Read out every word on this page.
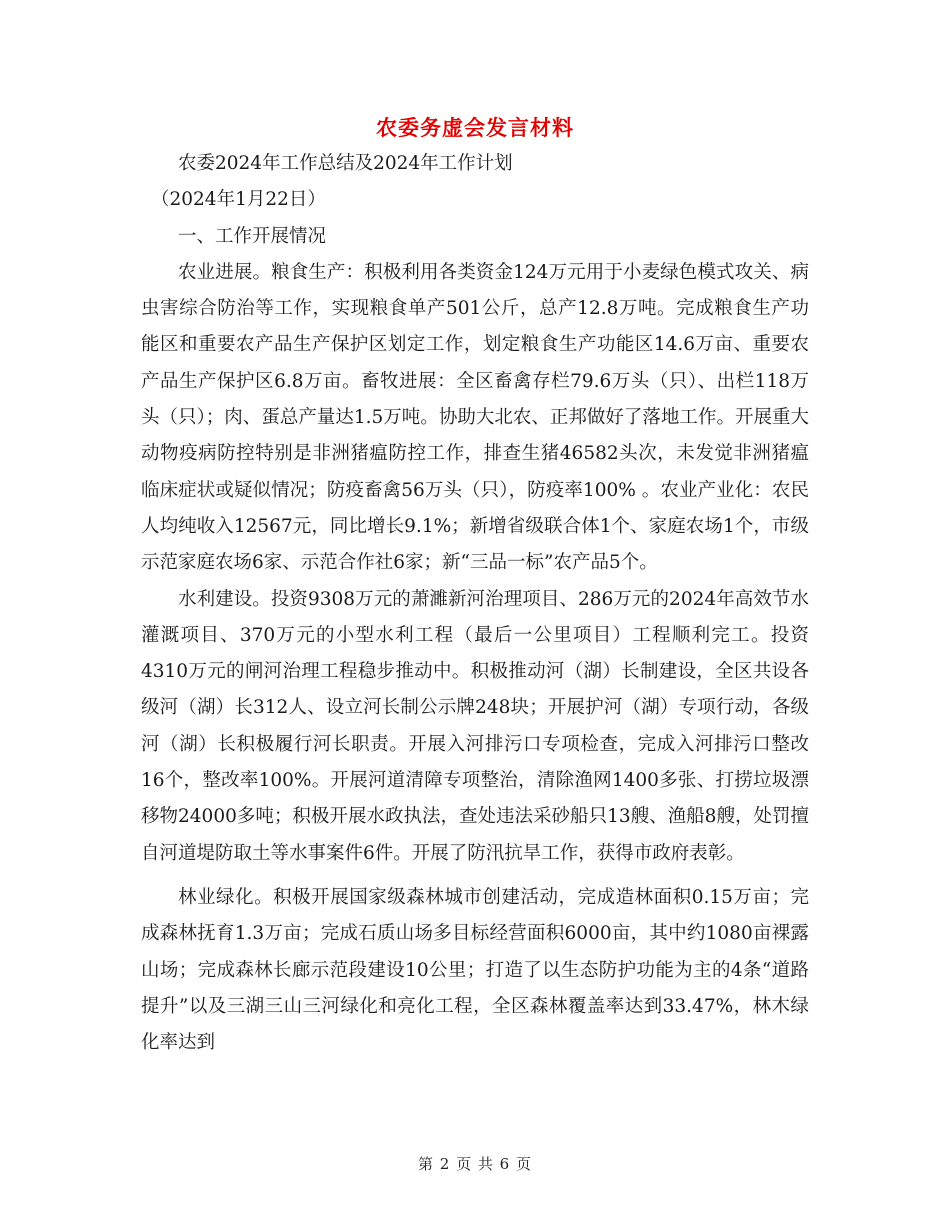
农委务虚会发言材料

农委2024年工作总结及2024年工作计划

（2024年1月22日）

一、工作开展情况

农业进展。粮食生产：积极利用各类资金124万元用于小麦绿色模式攻关、病虫害综合防治等工作，实现粮食单产501公斤，总产12.8万吨。完成粮食生产功能区和重要农产品生产保护区划定工作，划定粮食生产功能区14.6万亩、重要农产品生产保护区6.8万亩。畜牧进展：全区畜禽存栏79.6万头（只）、出栏118万头（只）；肉、蛋总产量达1.5万吨。协助大北农、正邦做好了落地工作。开展重大动物疫病防控特别是非洲猪瘟防控工作，排查生猪46582头次，未发觉非洲猪瘟临床症状或疑似情况；防疫畜禽56万头（只），防疫率100% 。农业产业化：农民人均纯收入12567元，同比增长9.1%；新增省级联合体1个、家庭农场1个，市级示范家庭农场6家、示范合作社6家；新“三品一标”农产品5个。

水利建设。投资9308万元的萧濉新河治理项目、286万元的2024年高效节水灌溉项目、370万元的小型水利工程（最后一公里项目）工程顺利完工。投资4310万元的闸河治理工程稳步推动中。积极推动河（湖）长制建设，全区共设各级河（湖）长312人、设立河长制公示牌248块；开展护河（湖）专项行动，各级河（湖）长积极履行河长职责。开展入河排污口专项检查，完成入河排污口整改16个，整改率100%。开展河道清障专项整治，清除渔网1400多张、打捞垃圾漂移物24000多吨；积极开展水政执法，查处违法采砂船只13艘、渔船8艘，处罚擅自河道堤防取土等水事案件6件。开展了防汛抗旱工作，获得市政府表彰。

林业绿化。积极开展国家级森林城市创建活动，完成造林面积0.15万亩；完成森林抚育1.3万亩；完成石质山场多目标经营面积6000亩，其中约1080亩裸露山场；完成森林长廊示范段建设10公里；打造了以生态防护功能为主的4条“道路提升”以及三湖三山三河绿化和亮化工程，全区森林覆盖率达到33.47%，林木绿化率达到

第 2 页 共 6 页
